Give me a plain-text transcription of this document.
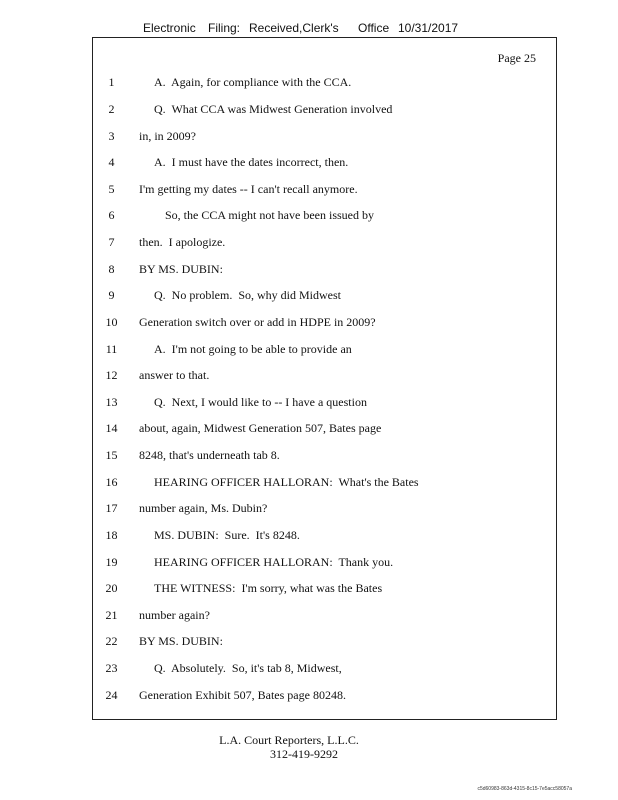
Electronic Filing: Received,Clerk's Office 10/31/2017
Page 25
1	A.  Again, for compliance with the CCA.
2	Q.  What CCA was Midwest Generation involved
3	in, in 2009?
4	A.  I must have the dates incorrect, then.
5	I'm getting my dates -- I can't recall anymore.
6	So, the CCA might not have been issued by
7	then.  I apologize.
8	BY MS. DUBIN:
9	Q.  No problem.  So, why did Midwest
10	Generation switch over or add in HDPE in 2009?
11	A.  I'm not going to be able to provide an
12	answer to that.
13	Q.  Next, I would like to -- I have a question
14	about, again, Midwest Generation 507, Bates page
15	8248, that's underneath tab 8.
16	HEARING OFFICER HALLORAN:  What's the Bates
17	number again, Ms. Dubin?
18	MS. DUBIN:  Sure.  It's 8248.
19	HEARING OFFICER HALLORAN:  Thank you.
20	THE WITNESS:  I'm sorry, what was the Bates
21	number again?
22	BY MS. DUBIN:
23	Q.  Absolutely.  So, it's tab 8, Midwest,
24	Generation Exhibit 507, Bates page 80248.
L.A. Court Reporters, L.L.C.
312-419-9292
c5d60983-863d-4315-8c15-7e5acc58057a
